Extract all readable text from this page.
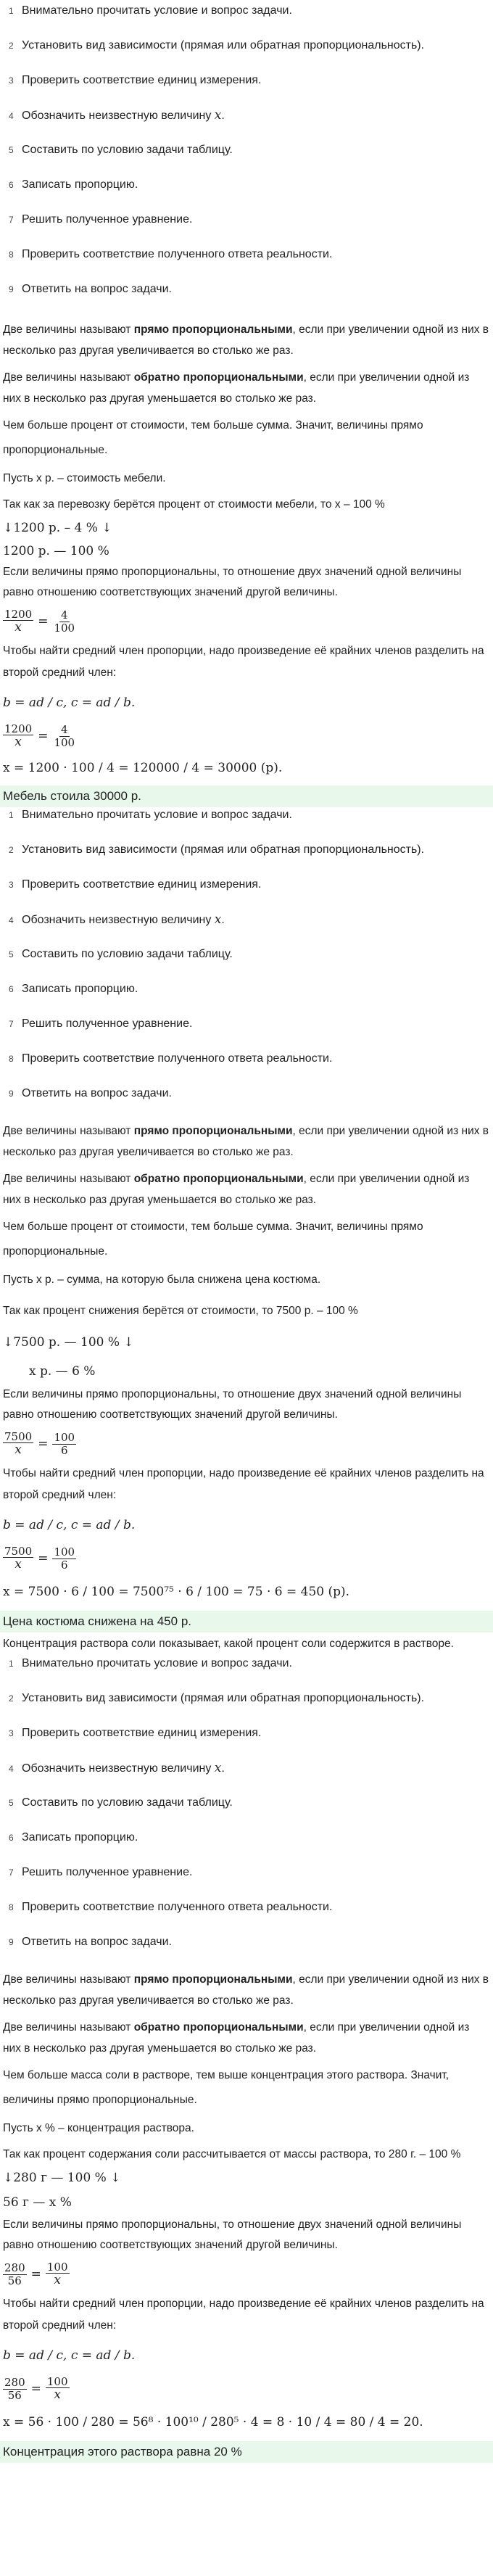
1 Внимательно прочитать условие и вопрос задачи.
2 Установить вид зависимости (прямая или обратная пропорциональность).
3 Проверить соответствие единиц измерения.
4 Обозначить неизвестную величину x.
5 Составить по условию задачи таблицу.
6 Записать пропорцию.
7 Решить полученное уравнение.
8 Проверить соответствие полученного ответа реальности.
9 Ответить на вопрос задачи.

Две величины называют прямо пропорциональными, если при увеличении одной из них в несколько раз другая увеличивается во столько же раз.

Две величины называют обратно пропорциональными, если при увеличении одной из них в несколько раз другая уменьшается во столько же раз.

Чем больше процент от стоимости, тем больше сумма. Значит, величины прямо пропорциональные.

Пусть x р. – стоимость мебели.

Так как за перевозку берётся процент от стоимости мебели, то x – 100 %

↓1200 р. – 4 % ↓
1200 р. — 100 %

Если величины прямо пропорциональны, то отношение двух значений одной величины равно отношению соответствующих значений другой величины.

$\frac{1200}{x} = \frac{4}{100}$

Чтобы найти средний член пропорции, надо произведение её крайних членов разделить на второй средний член:

b = ad / c, c = ad / b.
$\frac{1200}{x} = \frac{4}{100}$
x = 1200 · 100 / 4 = 120000 / 4 = 30000 (р).
Мебель стоила 30000 р.
1 Внимательно прочитать условие и вопрос задачи.
2 Установить вид зависимости (прямая или обратная пропорциональность).
3 Проверить соответствие единиц измерения.
4 Обозначить неизвестную величину x.
5 Составить по условию задачи таблицу.
6 Записать пропорцию.
7 Решить полученное уравнение.
8 Проверить соответствие полученного ответа реальности.
9 Ответить на вопрос задачи.

Две величины называют прямо пропорциональными, если при увеличении одной из них в несколько раз другая увеличивается во столько же раз.

Две величины называют обратно пропорциональными, если при увеличении одной из них в несколько раз другая уменьшается во столько же раз.

Чем больше процент от стоимости, тем больше сумма. Значит, величины прямо пропорциональные.

Пусть x р. – сумма, на которую была снижена цена костюма.

Так как процент снижения берётся от стоимости, то 7500 р. – 100 %

↓7500 р. — 100 % ↓
x р. — 6 %

Если величины прямо пропорциональны, то отношение двух значений одной величины равно отношению соответствующих значений другой величины.

$\frac{7500}{x} = \frac{100}{6}$

Чтобы найти средний член пропорции, надо произведение её крайних членов разделить на второй средний член:

b = ad / c, c = ad / b.
$\frac{7500}{x} = \frac{100}{6}$
x = 7500 · 6 / 100 = 7500⁷⁵ · 6 / 100 = 75 · 6 = 450 (р).
Цена костюма снижена на 450 р.

Концентрация раствора соли показывает, какой процент соли содержится в растворе.

1 Внимательно прочитать условие и вопрос задачи.
2 Установить вид зависимости (прямая или обратная пропорциональность).
3 Проверить соответствие единиц измерения.
4 Обозначить неизвестную величину x.
5 Составить по условию задачи таблицу.
6 Записать пропорцию.
7 Решить полученное уравнение.
8 Проверить соответствие полученного ответа реальности.
9 Ответить на вопрос задачи.

Две величины называют прямо пропорциональными, если при увеличении одной из них в несколько раз другая увеличивается во столько же раз.

Две величины называют обратно пропорциональными, если при увеличении одной из них в несколько раз другая уменьшается во столько же раз.

Чем больше масса соли в растворе, тем выше концентрация этого раствора. Значит, величины прямо пропорциональные.

Пусть x % – концентрация раствора.

Так как процент содержания соли рассчитывается от массы раствора, то 280 г. – 100 %

↓280 г — 100 % ↓
56 г — x %

Если величины прямо пропорциональны, то отношение двух значений одной величины равно отношению соответствующих значений другой величины.

$\frac{280}{56} = \frac{100}{x}$

Чтобы найти средний член пропорции, надо произведение её крайних членов разделить на второй средний член:

b = ad / c, c = ad / b.
$\frac{280}{56} = \frac{100}{x}$
x = 56 · 100 / 280 = 56⁸ · 100¹⁰ / 280⁵ · 4 = 8 · 10 / 4 = 80 / 4 = 20.
Концентрация этого раствора равна 20 %
